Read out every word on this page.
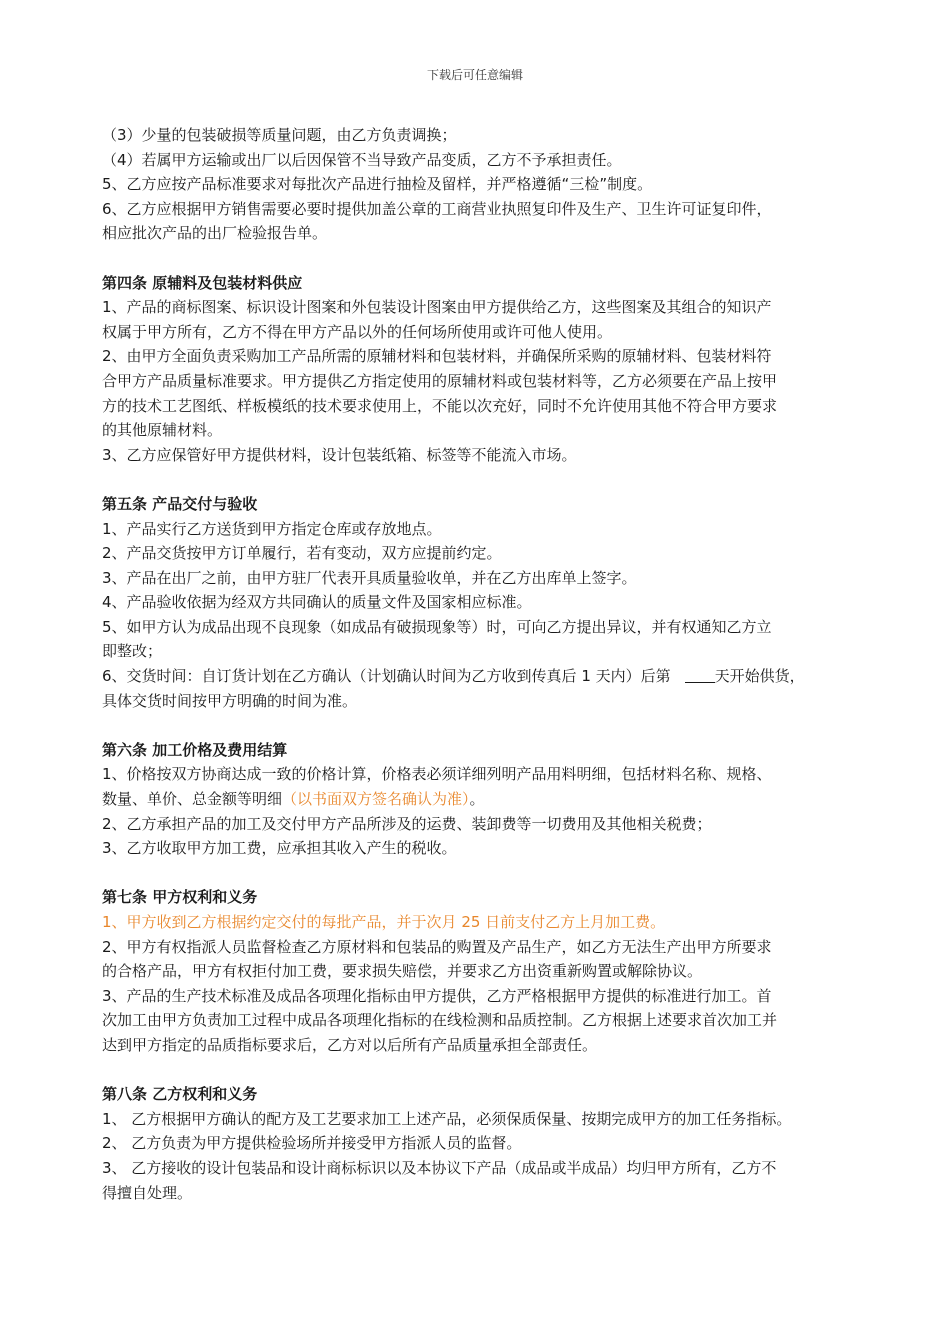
下载后可任意编辑
（3）少量的包装破损等质量问题，由乙方负责调换；
（4）若属甲方运输或出厂以后因保管不当导致产品变质，乙方不予承担责任。
5、乙方应按产品标准要求对每批次产品进行抽检及留样，并严格遵循“三检”制度。
6、乙方应根据甲方销售需要必要时提供加盖公章的工商营业执照复印件及生产、卫生许可证复印件，
相应批次产品的出厂检验报告单。
第四条 原辅料及包装材料供应
1、产品的商标图案、标识设计图案和外包装设计图案由甲方提供给乙方，这些图案及其组合的知识产
权属于甲方所有，乙方不得在甲方产品以外的任何场所使用或许可他人使用。
2、由甲方全面负责采购加工产品所需的原辅材料和包装材料，并确保所采购的原辅材料、包装材料符
合甲方产品质量标准要求。甲方提供乙方指定使用的原辅材料或包装材料等，乙方必须要在产品上按甲
方的技术工艺图纸、样板模纸的技术要求使用上，不能以次充好，同时不允许使用其他不符合甲方要求
的其他原辅材料。
3、乙方应保管好甲方提供材料，设计包装纸箱、标签等不能流入市场。
第五条 产品交付与验收
1、产品实行乙方送货到甲方指定仓库或存放地点。
2、产品交货按甲方订单履行，若有变动，双方应提前约定。
3、产品在出厂之前，由甲方驻厂代表开具质量验收单，并在乙方出库单上签字。
4、产品验收依据为经双方共同确认的质量文件及国家相应标准。
5、如甲方认为成品出现不良现象（如成品有破损现象等）时，可向乙方提出异议，并有权通知乙方立
即整改；
6、交货时间：自订货计划在乙方确认（计划确认时间为乙方收到传真后 1 天内）后第	天开始供货，
具体交货时间按甲方明确的时间为准。
第六条 加工价格及费用结算
1、价格按双方协商达成一致的价格计算，价格表必须详细列明产品用料明细，包括材料名称、规格、
数量、单价、总金额等明细（以书面双方签名确认为准）。
2、乙方承担产品的加工及交付甲方产品所涉及的运费、装卸费等一切费用及其他相关税费；
3、乙方收取甲方加工费，应承担其收入产生的税收。
第七条 甲方权利和义务
1、甲方收到乙方根据约定交付的每批产品，并于次月 25 日前支付乙方上月加工费。
2、甲方有权指派人员监督检查乙方原材料和包装品的购置及产品生产，如乙方无法生产出甲方所要求
的合格产品，甲方有权拒付加工费，要求损失赔偿，并要求乙方出资重新购置或解除协议。
3、产品的生产技术标准及成品各项理化指标由甲方提供，乙方严格根据甲方提供的标准进行加工。首
次加工由甲方负责加工过程中成品各项理化指标的在线检测和品质控制。乙方根据上述要求首次加工并
达到甲方指定的品质指标要求后，乙方对以后所有产品质量承担全部责任。
第八条 乙方权利和义务
1、 乙方根据甲方确认的配方及工艺要求加工上述产品，必须保质保量、按期完成甲方的加工任务指标。
2、 乙方负责为甲方提供检验场所并接受甲方指派人员的监督。
3、 乙方接收的设计包装品和设计商标标识以及本协议下产品（成品或半成品）均归甲方所有，乙方不
得擅自处理。
